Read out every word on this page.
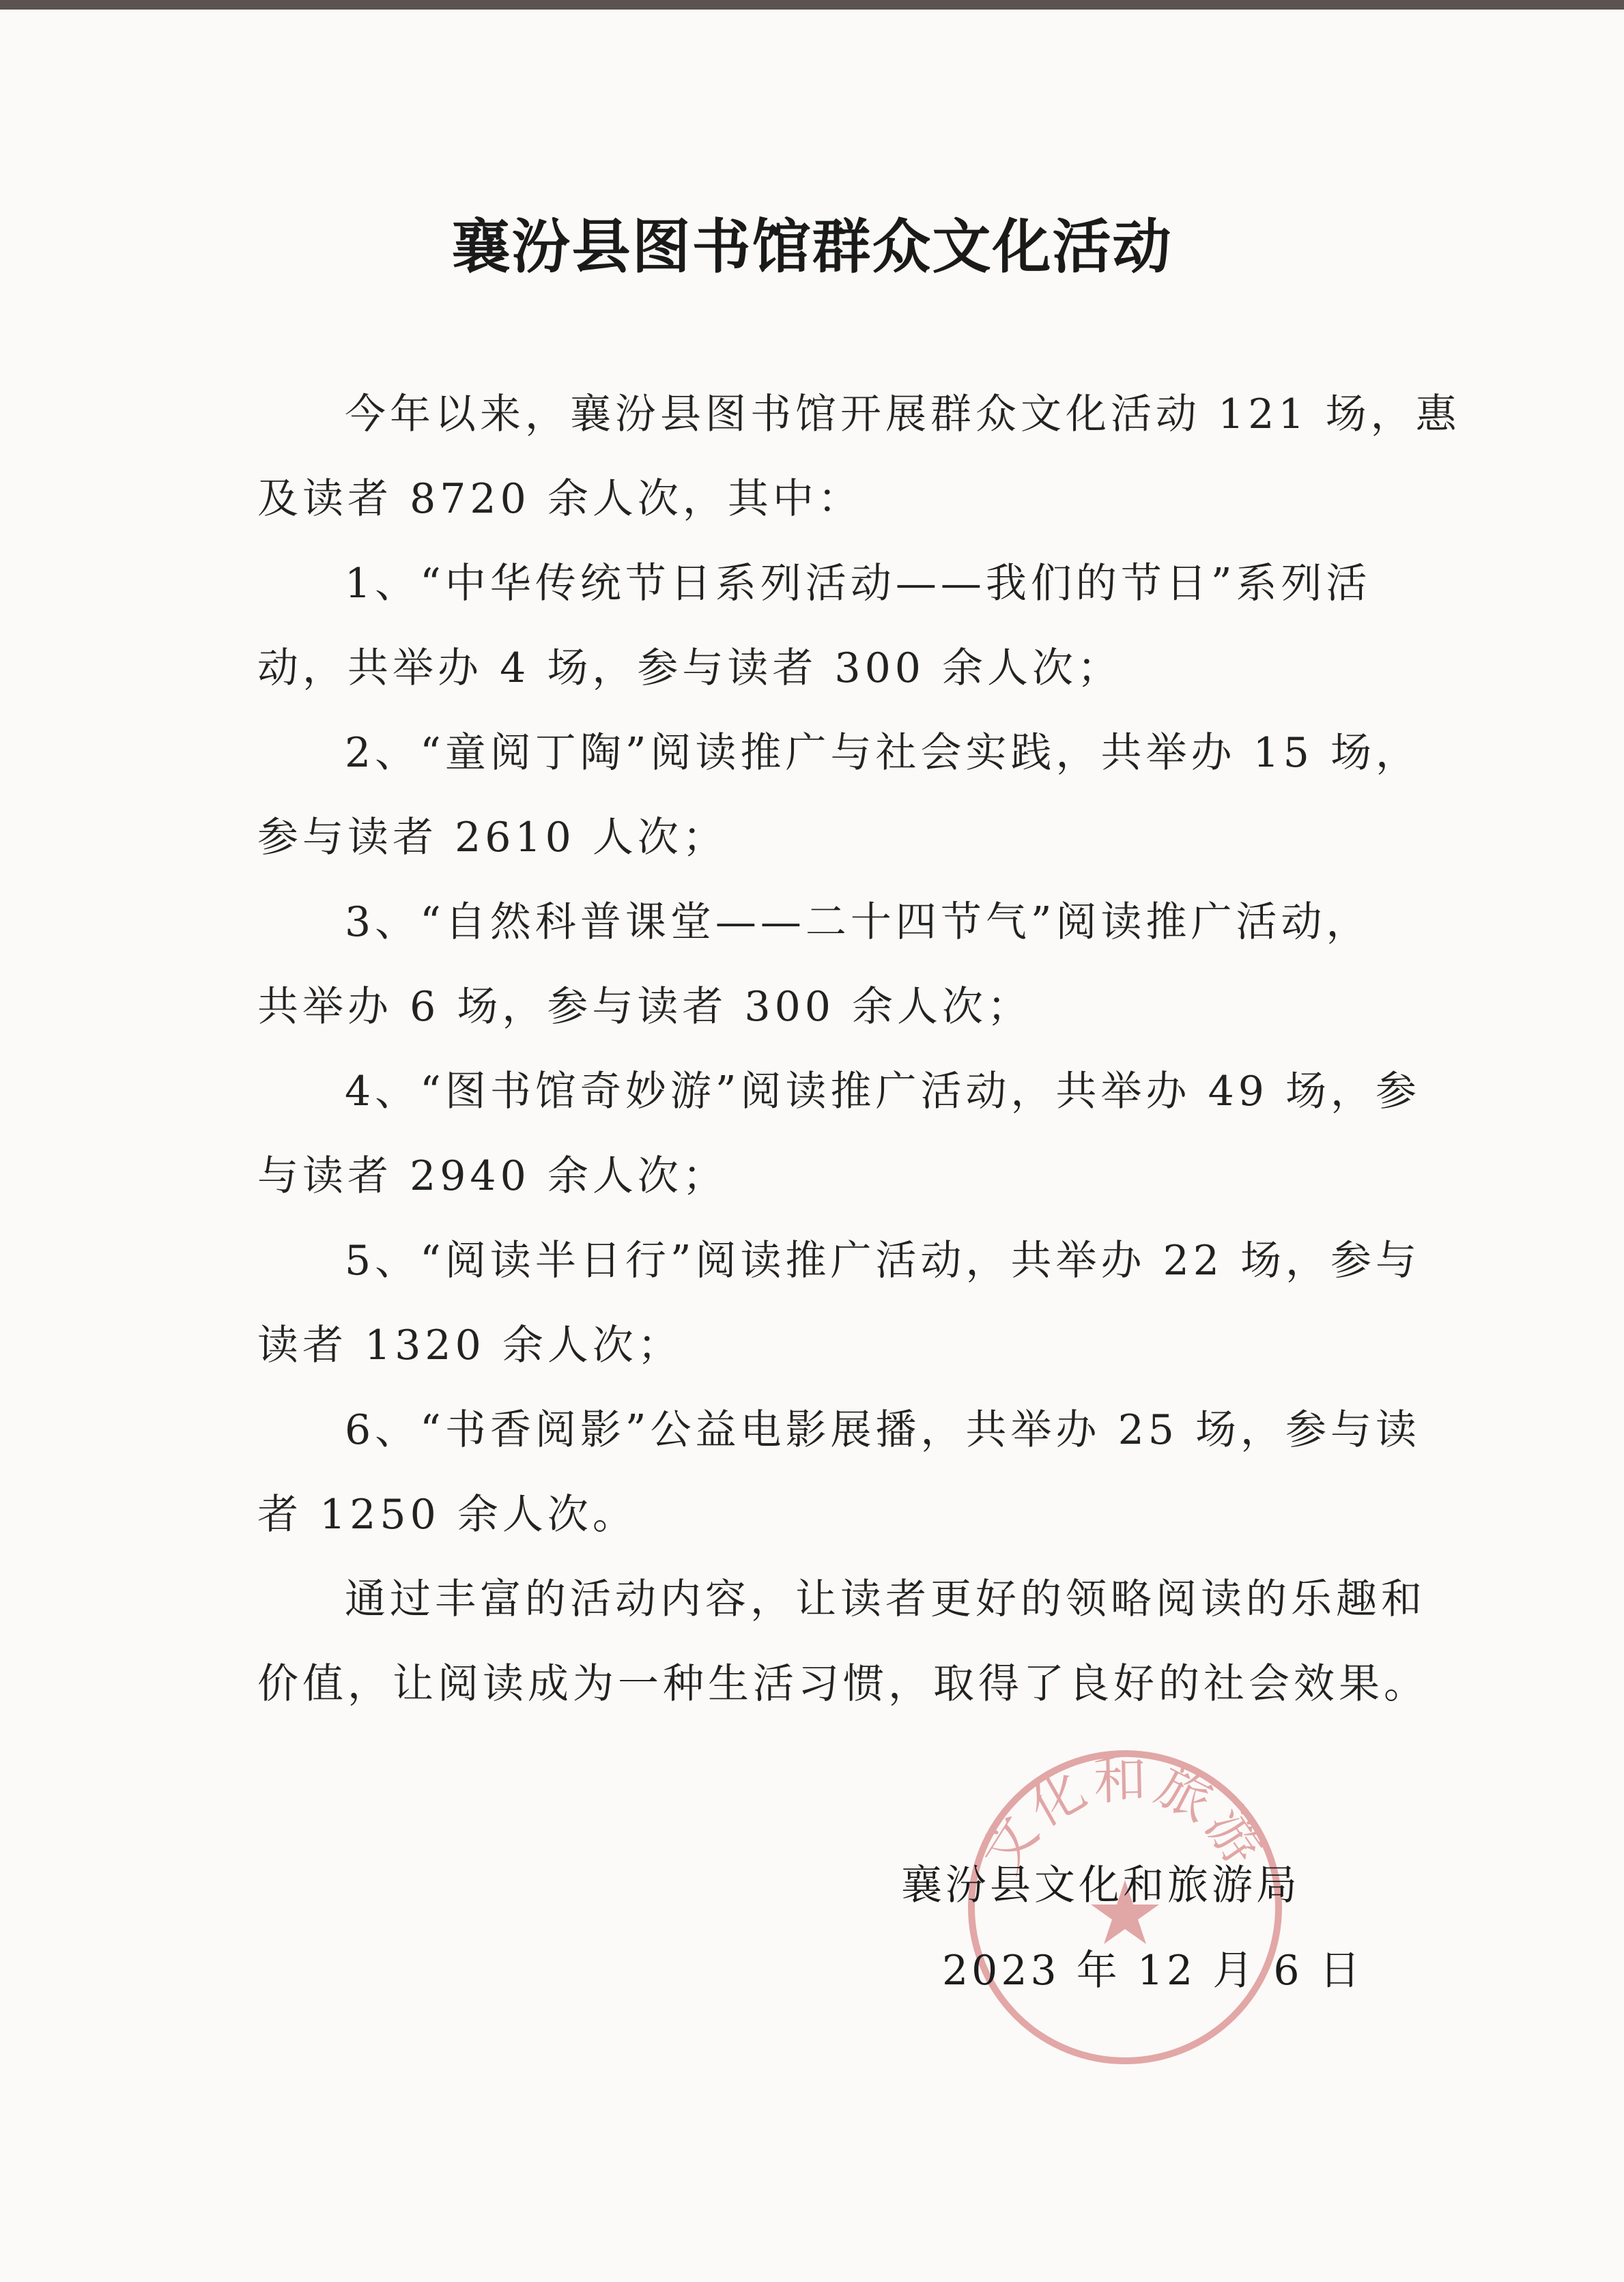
襄汾县图书馆群众文化活动
今年以来，襄汾县图书馆开展群众文化活动 121 场，惠
及读者 8720 余人次，其中：
1、“中华传统节日系列活动——我们的节日”系列活
动，共举办 4 场，参与读者 300 余人次；
2、“童阅丁陶”阅读推广与社会实践，共举办 15 场，
参与读者 2610 人次；
3、“自然科普课堂——二十四节气”阅读推广活动，
共举办 6 场，参与读者 300 余人次；
4、“图书馆奇妙游”阅读推广活动，共举办 49 场，参
与读者 2940 余人次；
5、“阅读半日行”阅读推广活动，共举办 22 场，参与
读者 1320 余人次；
6、“书香阅影”公益电影展播，共举办 25 场，参与读
者 1250 余人次。
通过丰富的活动内容，让读者更好的领略阅读的乐趣和
价值，让阅读成为一种生活习惯，取得了良好的社会效果。
文化和旅游
襄汾县文化和旅游局
2023 年 12 月 6 日
